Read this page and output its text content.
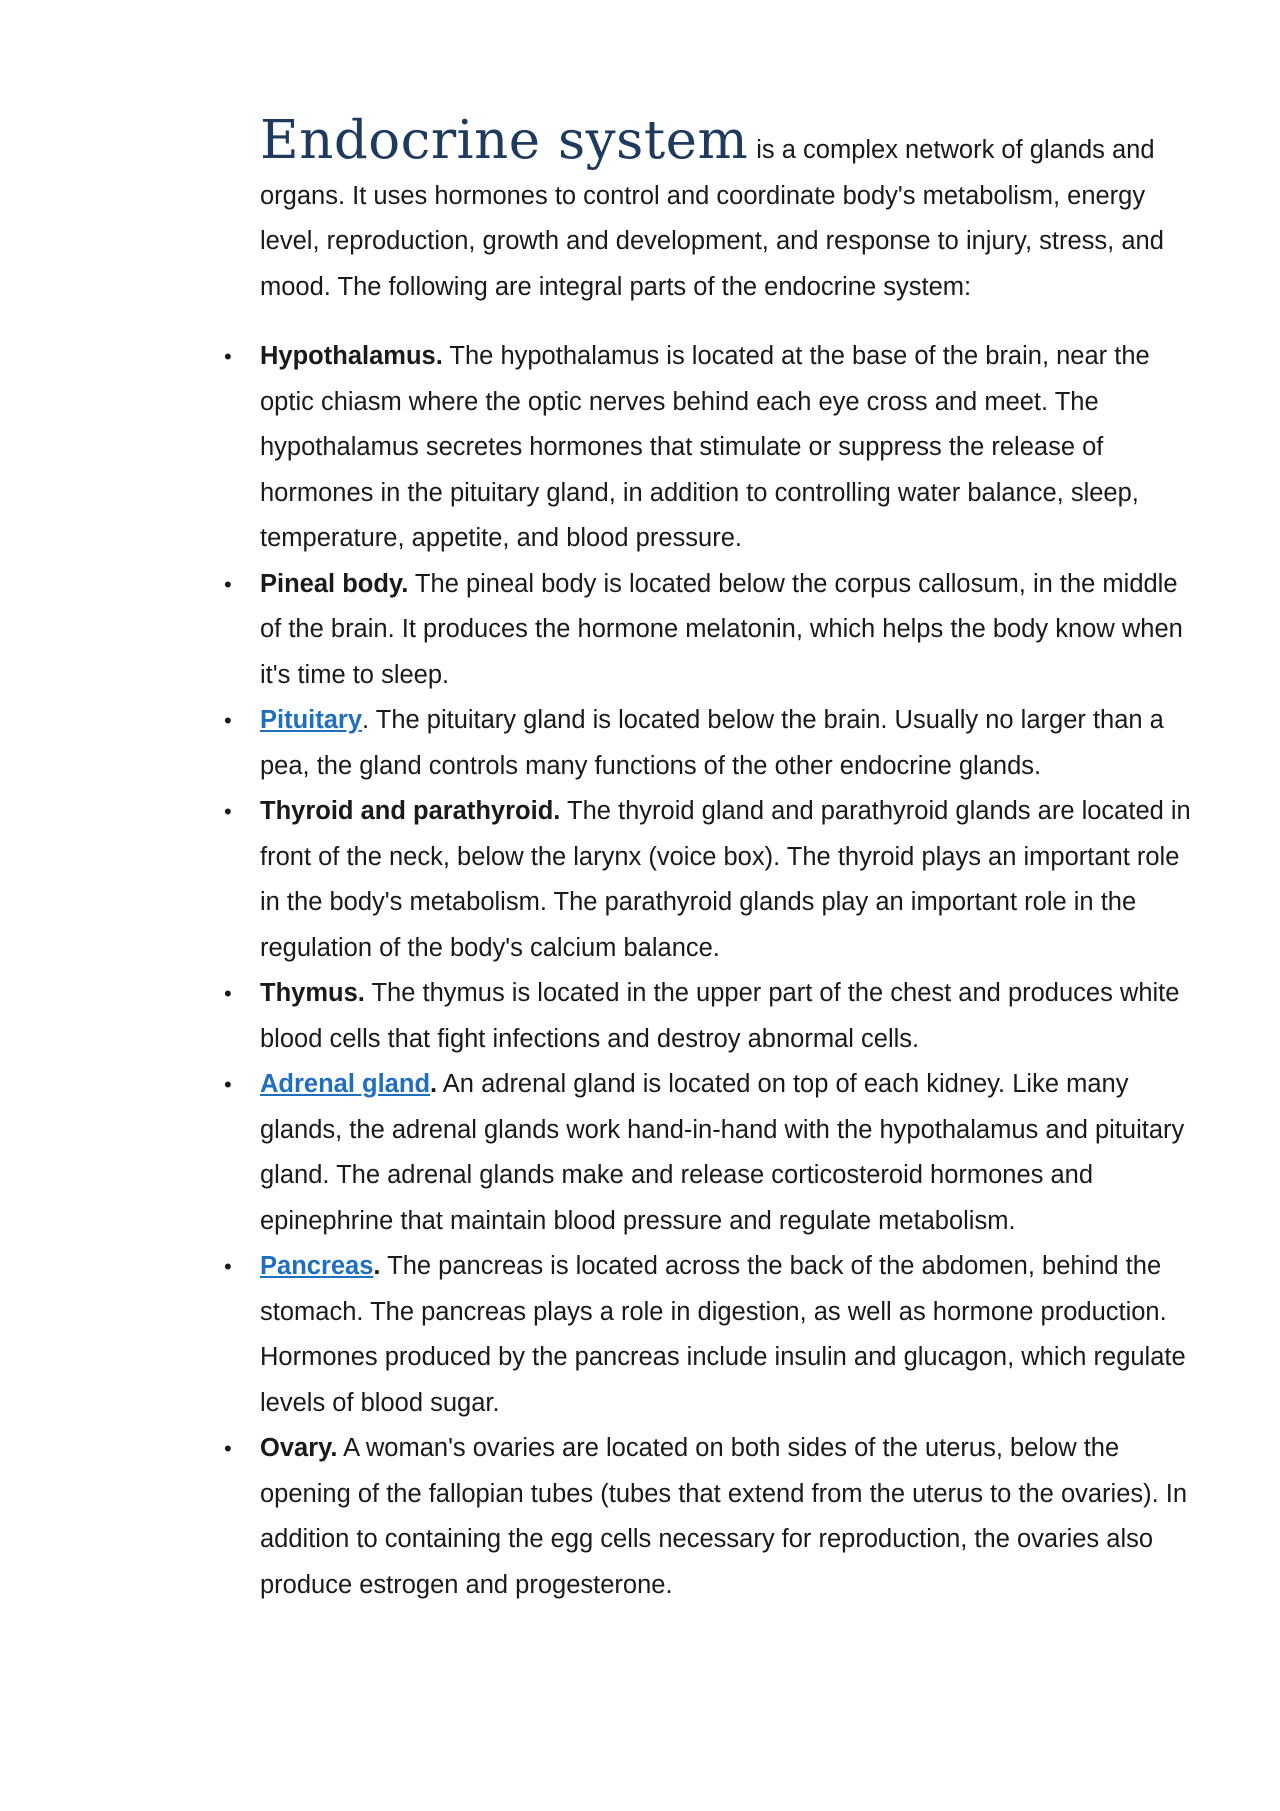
Endocrine system is a complex network of glands and organs. It uses hormones to control and coordinate body's metabolism, energy level, reproduction, growth and development, and response to injury, stress, and mood. The following are integral parts of the endocrine system:

• Hypothalamus. The hypothalamus is located at the base of the brain, near the optic chiasm where the optic nerves behind each eye cross and meet. The hypothalamus secretes hormones that stimulate or suppress the release of hormones in the pituitary gland, in addition to controlling water balance, sleep, temperature, appetite, and blood pressure.
• Pineal body. The pineal body is located below the corpus callosum, in the middle of the brain. It produces the hormone melatonin, which helps the body know when it's time to sleep.
• Pituitary. The pituitary gland is located below the brain. Usually no larger than a pea, the gland controls many functions of the other endocrine glands.
• Thyroid and parathyroid. The thyroid gland and parathyroid glands are located in front of the neck, below the larynx (voice box). The thyroid plays an important role in the body's metabolism. The parathyroid glands play an important role in the regulation of the body's calcium balance.
• Thymus. The thymus is located in the upper part of the chest and produces white blood cells that fight infections and destroy abnormal cells.
• Adrenal gland. An adrenal gland is located on top of each kidney. Like many glands, the adrenal glands work hand-in-hand with the hypothalamus and pituitary gland. The adrenal glands make and release corticosteroid hormones and epinephrine that maintain blood pressure and regulate metabolism.
• Pancreas. The pancreas is located across the back of the abdomen, behind the stomach. The pancreas plays a role in digestion, as well as hormone production. Hormones produced by the pancreas include insulin and glucagon, which regulate levels of blood sugar.
• Ovary. A woman's ovaries are located on both sides of the uterus, below the opening of the fallopian tubes (tubes that extend from the uterus to the ovaries). In addition to containing the egg cells necessary for reproduction, the ovaries also produce estrogen and progesterone.
